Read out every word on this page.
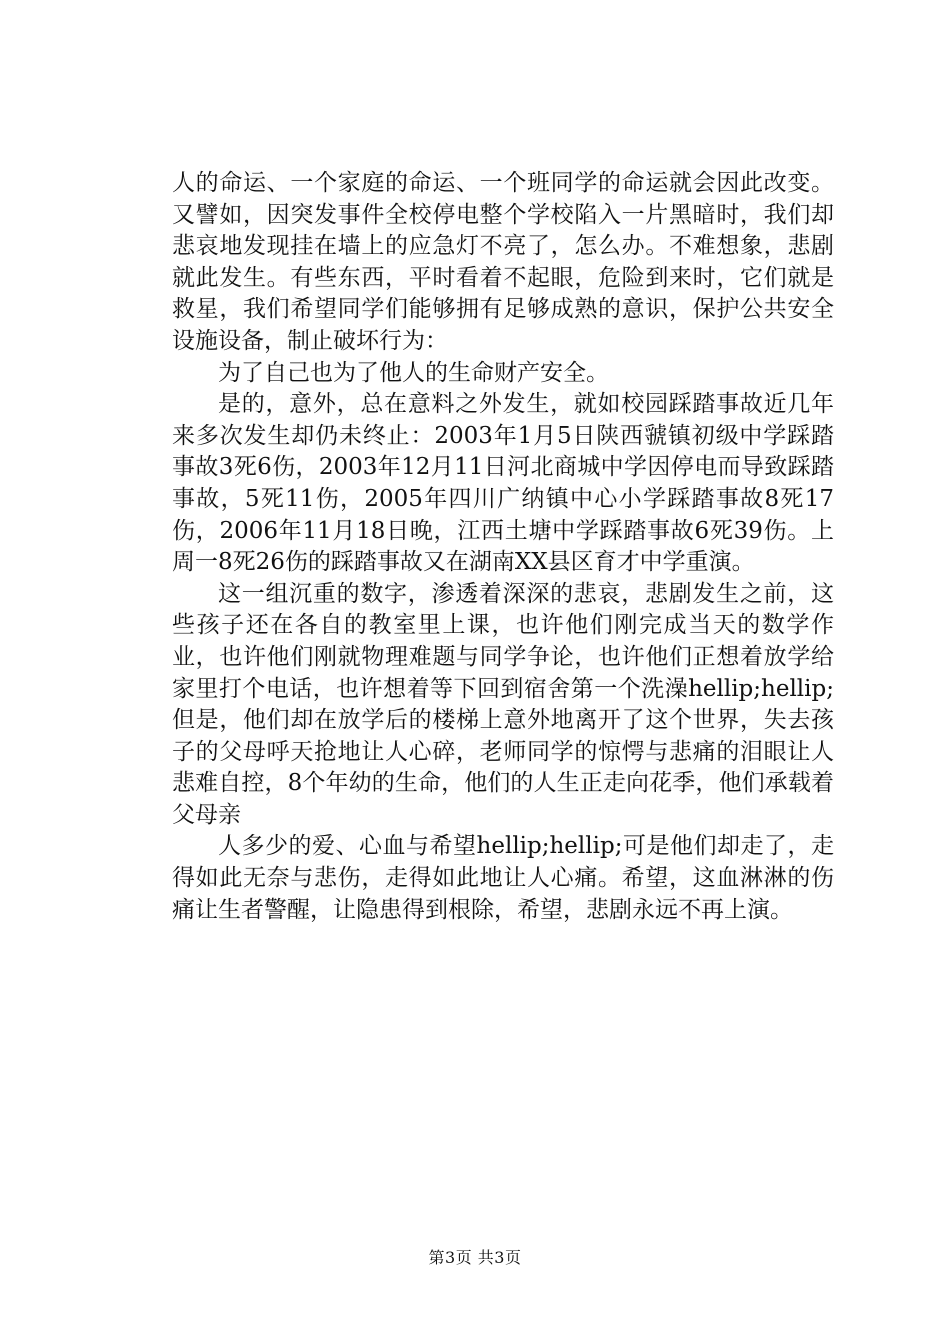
人的命运、一个家庭的命运、一个班同学的命运就会因此改变。又譬如，因突发事件全校停电整个学校陷入一片黑暗时，我们却悲哀地发现挂在墙上的应急灯不亮了，怎么办。不难想象，悲剧就此发生。有些东西，平时看着不起眼，危险到来时，它们就是救星，我们希望同学们能够拥有足够成熟的意识，保护公共安全设施设备，制止破坏行为：

为了自己也为了他人的生命财产安全。

是的，意外，总在意料之外发生，就如校园踩踏事故近几年来多次发生却仍未终止：2003年1月5日陕西虢镇初级中学踩踏事故3死6伤，2003年12月11日河北商城中学因停电而导致踩踏事故，5死11伤，2005年四川广纳镇中心小学踩踏事故8死17伤，2006年11月18日晚，江西土塘中学踩踏事故6死39伤。上周一8死26伤的踩踏事故又在湖南XX县区育才中学重演。

这一组沉重的数字，渗透着深深的悲哀，悲剧发生之前，这些孩子还在各自的教室里上课，也许他们刚完成当天的数学作业，也许他们刚就物理难题与同学争论，也许他们正想着放学给家里打个电话，也许想着等下回到宿舍第一个洗澡hellip;hellip;但是，他们却在放学后的楼梯上意外地离开了这个世界，失去孩子的父母呼天抢地让人心碎，老师同学的惊愕与悲痛的泪眼让人悲难自控，8个年幼的生命，他们的人生正走向花季，他们承载着父母亲

人多少的爱、心血与希望hellip;hellip;可是他们却走了，走得如此无奈与悲伤，走得如此地让人心痛。希望，这血淋淋的伤痛让生者警醒，让隐患得到根除，希望，悲剧永远不再上演。

第3页 共3页
